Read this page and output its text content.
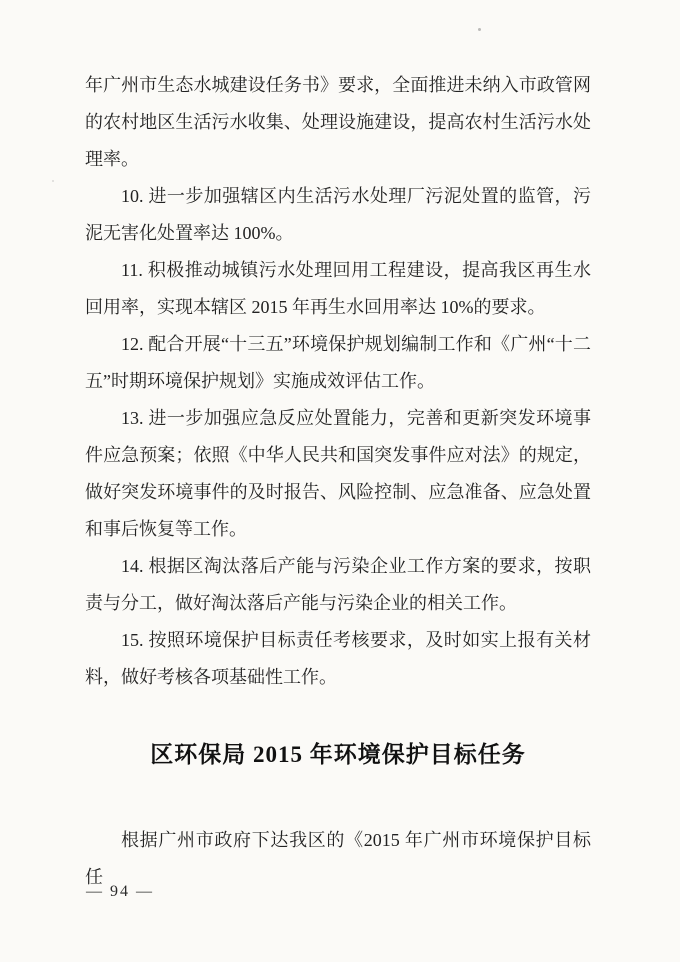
年广州市生态水城建设任务书》要求，全面推进未纳入市政管网的农村地区生活污水收集、处理设施建设，提高农村生活污水处理率。

10. 进一步加强辖区内生活污水处理厂污泥处置的监管，污泥无害化处置率达 100%。

11. 积极推动城镇污水处理回用工程建设，提高我区再生水回用率，实现本辖区 2015 年再生水回用率达 10%的要求。

12. 配合开展“十三五”环境保护规划编制工作和《广州“十二五”时期环境保护规划》实施成效评估工作。

13. 进一步加强应急反应处置能力，完善和更新突发环境事件应急预案；依照《中华人民共和国突发事件应对法》的规定，做好突发环境事件的及时报告、风险控制、应急准备、应急处置和事后恢复等工作。

14. 根据区淘汰落后产能与污染企业工作方案的要求，按职责与分工，做好淘汰落后产能与污染企业的相关工作。

15. 按照环境保护目标责任考核要求，及时如实上报有关材料，做好考核各项基础性工作。

区环保局 2015 年环境保护目标任务

根据广州市政府下达我区的《2015 年广州市环境保护目标任

— 94 —
